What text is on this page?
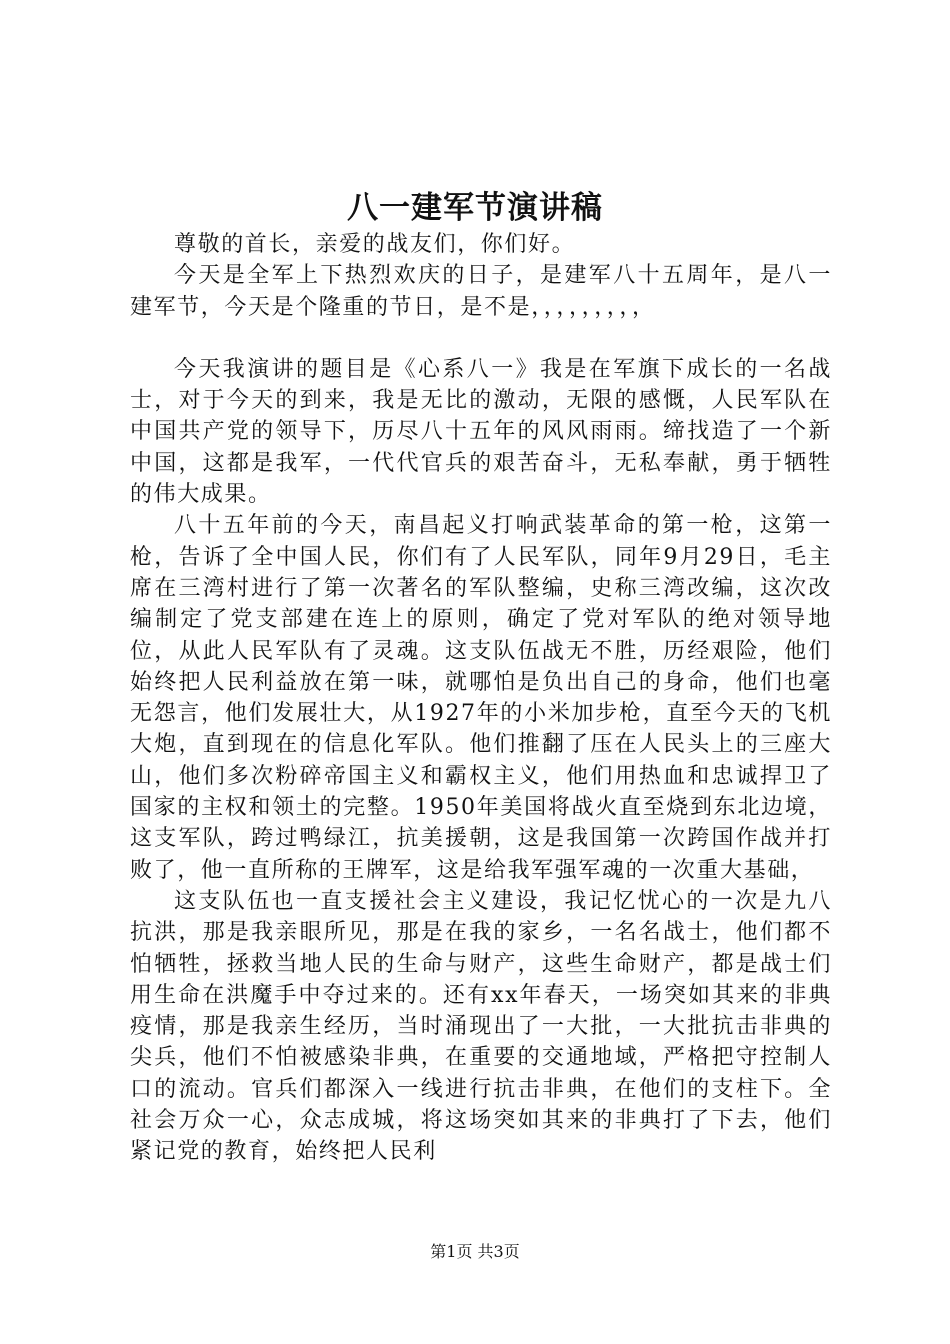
八一建军节演讲稿

尊敬的首长，亲爱的战友们，你们好。

今天是全军上下热烈欢庆的日子，是建军八十五周年，是八一建军节，今天是个隆重的节日，是不是，，，，，，，，，

今天我演讲的题目是《心系八一》我是在军旗下成长的一名战士，对于今天的到来，我是无比的激动，无限的感慨，人民军队在中国共产党的领导下，历尽八十五年的风风雨雨。缔找造了一个新中国，这都是我军，一代代官兵的艰苦奋斗，无私奉献，勇于牺牲的伟大成果。

八十五年前的今天，南昌起义打响武装革命的第一枪，这第一枪，告诉了全中国人民，你们有了人民军队，同年9月29日，毛主席在三湾村进行了第一次著名的军队整编，史称三湾改编，这次改编制定了党支部建在连上的原则，确定了党对军队的绝对领导地位，从此人民军队有了灵魂。这支队伍战无不胜，历经艰险，他们始终把人民利益放在第一味，就哪怕是负出自己的身命，他们也毫无怨言，他们发展壮大，从1927年的小米加步枪，直至今天的飞机大炮，直到现在的信息化军队。他们推翻了压在人民头上的三座大山，他们多次粉碎帝国主义和霸权主义，他们用热血和忠诚捍卫了国家的主权和领土的完整。1950年美国将战火直至烧到东北边境，这支军队，跨过鸭绿江，抗美援朝，这是我国第一次跨国作战并打败了，他一直所称的王牌军，这是给我军强军魂的一次重大基础，

这支队伍也一直支援社会主义建设，我记忆忧心的一次是九八抗洪，那是我亲眼所见，那是在我的家乡，一名名战士，他们都不怕牺牲，拯救当地人民的生命与财产，这些生命财产，都是战士们用生命在洪魔手中夺过来的。还有xx年春天，一场突如其来的非典疫情，那是我亲生经历，当时涌现出了一大批，一大批抗击非典的尖兵，他们不怕被感染非典，在重要的交通地域，严格把守控制人口的流动。官兵们都深入一线进行抗击非典，在他们的支柱下。全社会万众一心，众志成城，将这场突如其来的非典打了下去，他们紧记党的教育，始终把人民利

第1页 共3页
